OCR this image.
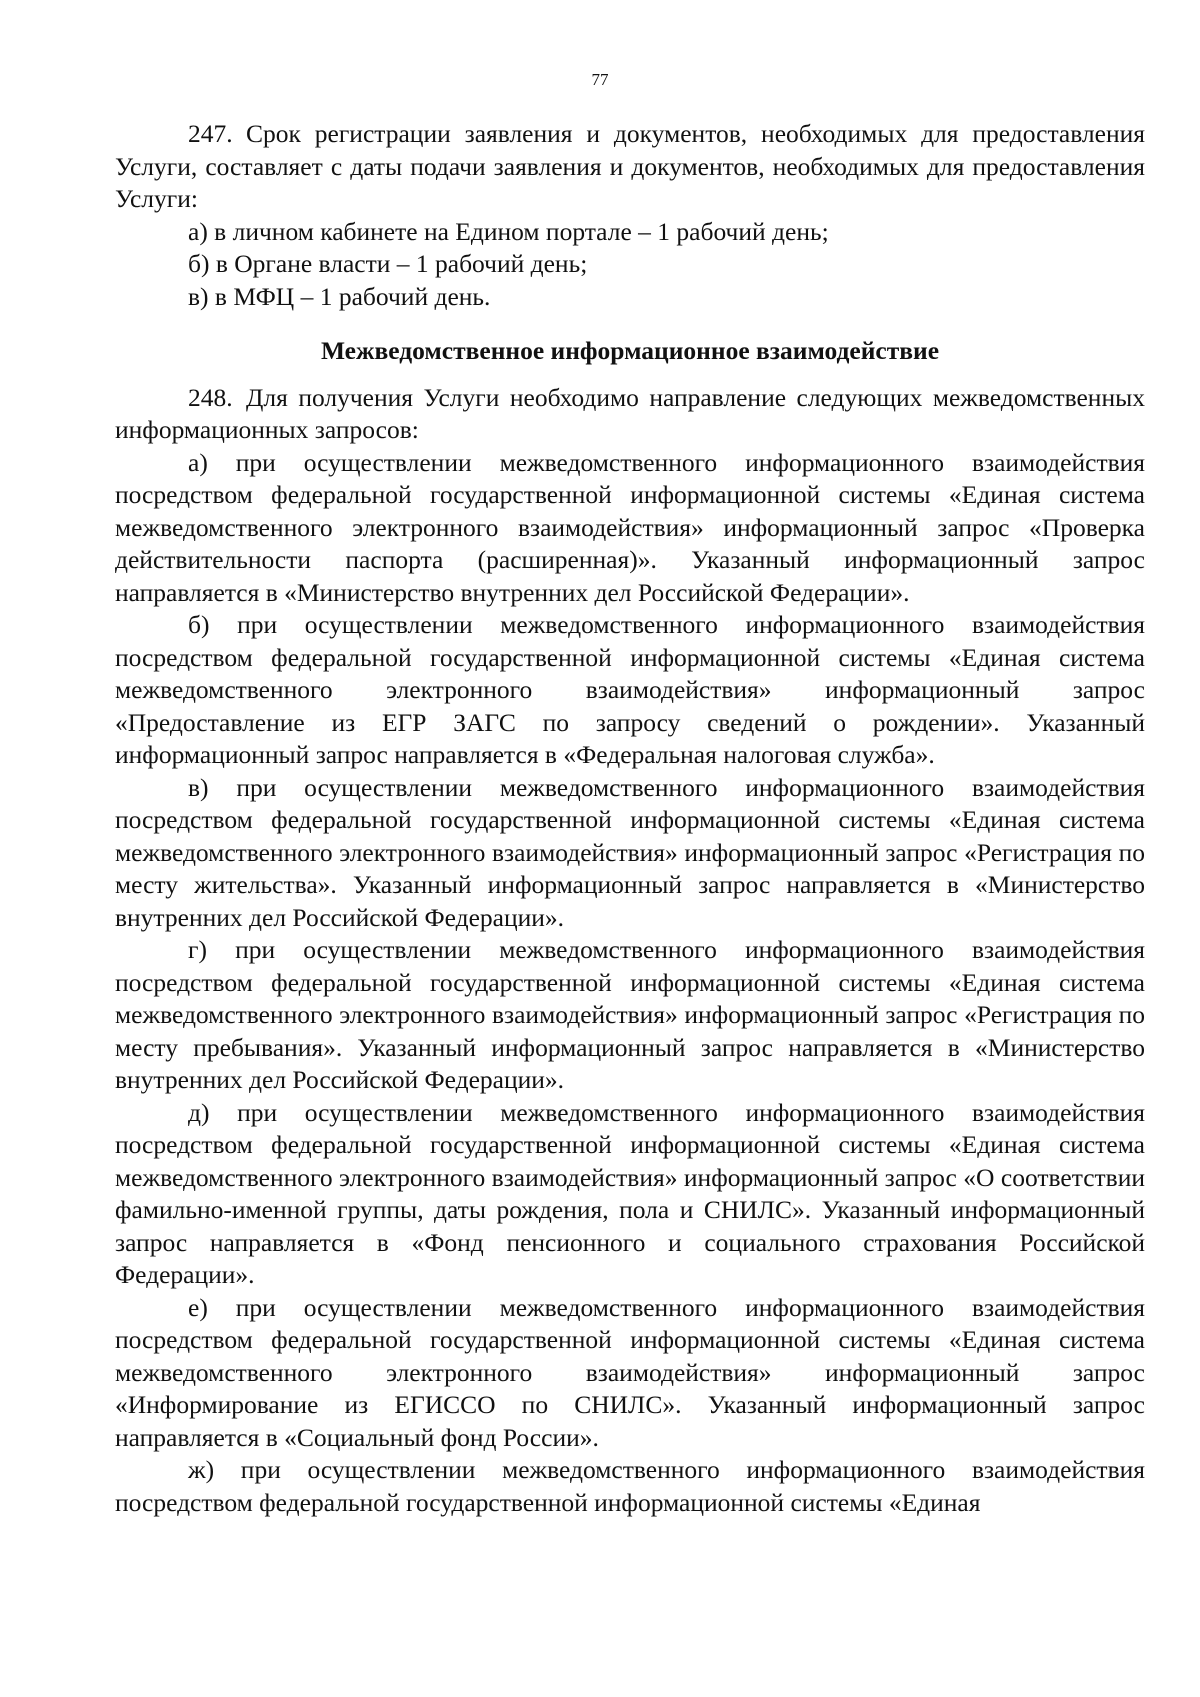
77

247. Срок регистрации заявления и документов, необходимых для предоставления Услуги, составляет с даты подачи заявления и документов, необходимых для предоставления Услуги:

а) в личном кабинете на Едином портале – 1 рабочий день;

б) в Органе власти – 1 рабочий день;

в) в МФЦ – 1 рабочий день.

Межведомственное информационное взаимодействие

248. Для получения Услуги необходимо направление следующих межведомственных информационных запросов:

а) при осуществлении межведомственного информационного взаимодействия посредством федеральной государственной информационной системы «Единая система межведомственного электронного взаимодействия» информационный запрос «Проверка действительности паспорта (расширенная)». Указанный информационный запрос направляется в «Министерство внутренних дел Российской Федерации».

б) при осуществлении межведомственного информационного взаимодействия посредством федеральной государственной информационной системы «Единая система межведомственного электронного взаимодействия» информационный запрос «Предоставление из ЕГР ЗАГС по запросу сведений о рождении». Указанный информационный запрос направляется в «Федеральная налоговая служба».

в) при осуществлении межведомственного информационного взаимодействия посредством федеральной государственной информационной системы «Единая система межведомственного электронного взаимодействия» информационный запрос «Регистрация по месту жительства». Указанный информационный запрос направляется в «Министерство внутренних дел Российской Федерации».

г) при осуществлении межведомственного информационного взаимодействия посредством федеральной государственной информационной системы «Единая система межведомственного электронного взаимодействия» информационный запрос «Регистрация по месту пребывания». Указанный информационный запрос направляется в «Министерство внутренних дел Российской Федерации».

д) при осуществлении межведомственного информационного взаимодействия посредством федеральной государственной информационной системы «Единая система межведомственного электронного взаимодействия» информационный запрос «О соответствии фамильно-именной группы, даты рождения, пола и СНИЛС». Указанный информационный запрос направляется в «Фонд пенсионного и социального страхования Российской Федерации».

е) при осуществлении межведомственного информационного взаимодействия посредством федеральной государственной информационной системы «Единая система межведомственного электронного взаимодействия» информационный запрос «Информирование из ЕГИССО по СНИЛС». Указанный информационный запрос направляется в «Социальный фонд России».

ж) при осуществлении межведомственного информационного взаимодействия посредством федеральной государственной информационной системы «Единая
